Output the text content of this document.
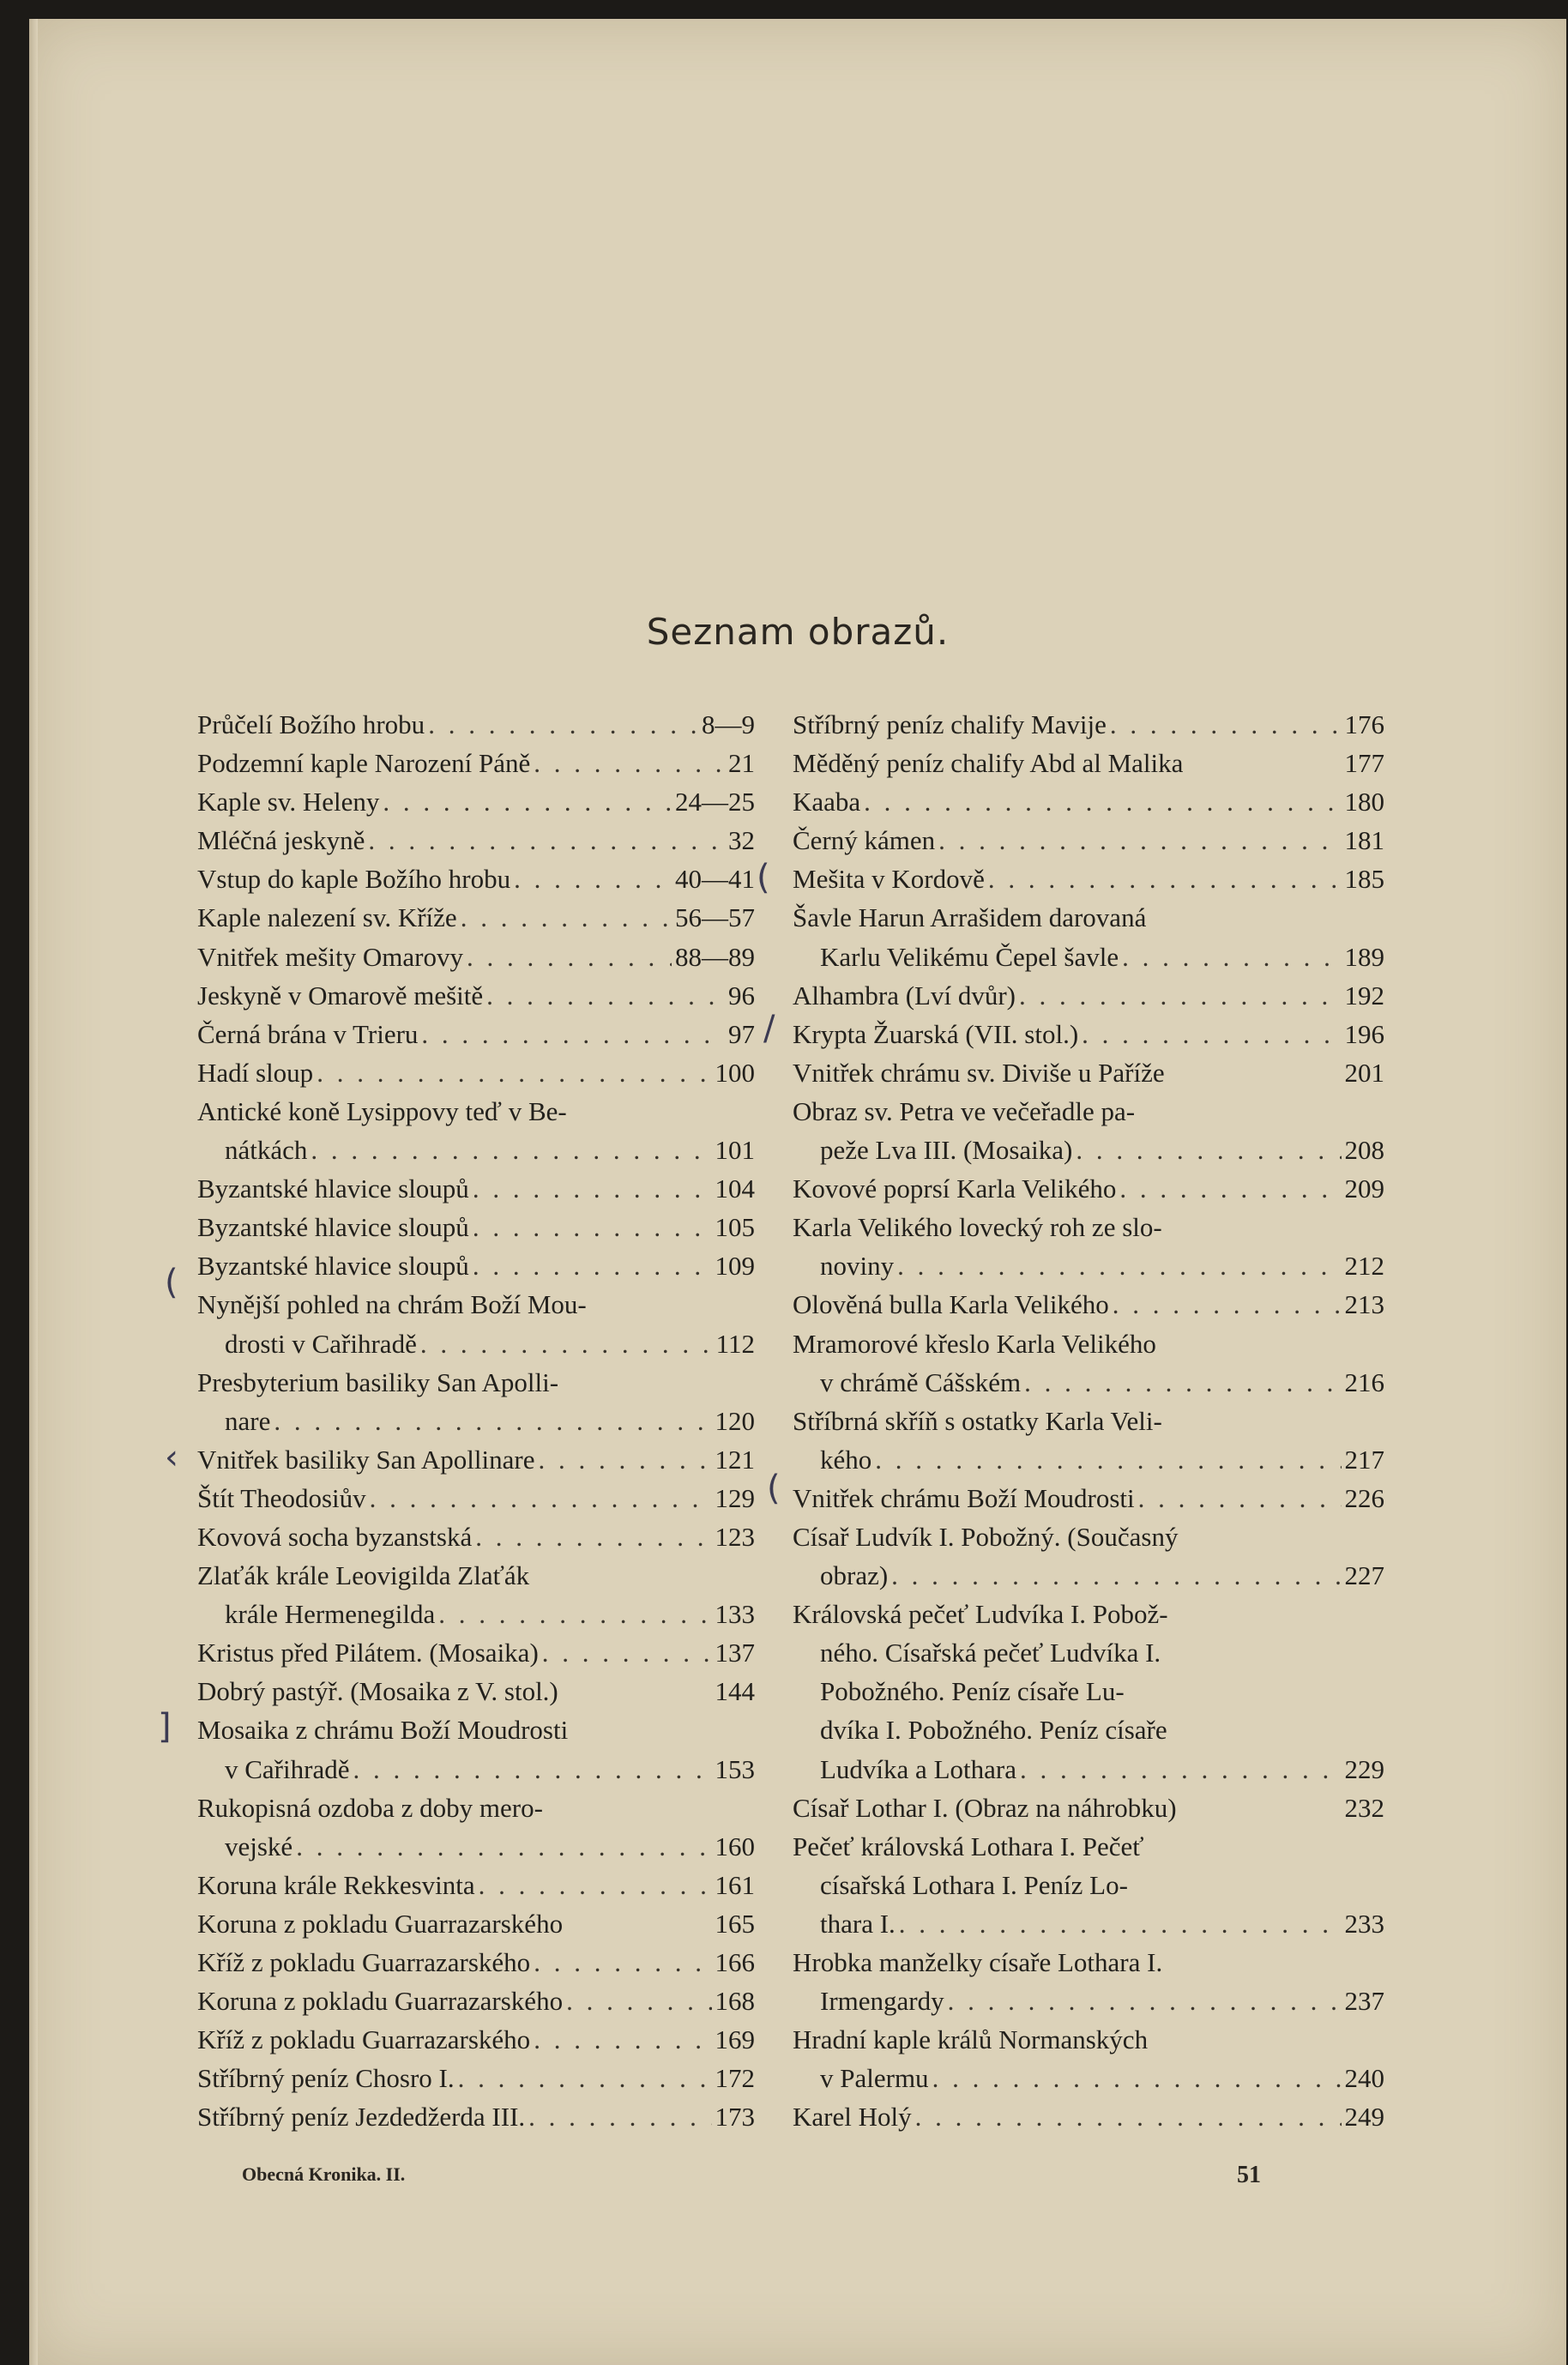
Seznam obrazů.
Průčelí Božího hrobu . . .	8—9
Podzemní kaple Narození Páně . . .	21
Kaple sv. Heleny . . .	24—25
Mléčná jeskyně . . .	32
Vstup do kaple Božího hrobu . . .	40—41
Kaple nalezení sv. Kříže . . .	56—57
Vnitřek mešity Omarovy . . .	88—89
Jeskyně v Omarově mešitě . . .	96
Černá brána v Trieru . . .	97
Hadí sloup . . .	100
Antické koně Lysippovy teď v Be-
nátkách . . .	101
Byzantské hlavice sloupů . . .	104
Byzantské hlavice sloupů . . .	105
Byzantské hlavice sloupů . . .	109
Nynější pohled na chrám Boží Mou-
drosti v Cařihradě . . .	112
Presbyterium basiliky San Apolli-
nare . . .	120
Vnitřek basiliky San Apollinare . . .	121
Štít Theodosiův . . .	129
Kovová socha byzanstská . . .	123
Zlaťák krále Leovigilda Zlaťák
krále Hermenegilda . . .	133
Kristus před Pilátem. (Mosaika) . . .	137
Dobrý pastýř. (Mosaika z V. stol.)	144
Mosaika z chrámu Boží Moudrosti
v Cařihradě . . .	153
Rukopisná ozdoba z doby mero-
vejské . . .	160
Koruna krále Rekkesvinta . . .	161
Koruna z pokladu Guarrazarského	165
Kříž z pokladu Guarrazarského . . .	166
Koruna z pokladu Guarrazarského . . .	168
Kříž z pokladu Guarrazarského . . .	169
Stříbrný peníz Chosro I. . . .	172
Stříbrný peníz Jezdedžerda III. . . .	173
Stříbrný peníz chalify Mavije . . .	176
Měděný peníz chalify Abd al Malika	177
Kaaba . . .	180
Černý kámen . . .	181
Mešita v Kordově . . .	185
Šavle Harun Arrašidem darovaná
Karlu Velikému Čepel šavle . . .	189
Alhambra (Lví dvůr) . . .	192
Krypta Žuarská (VII. stol.) . . .	196
Vnitřek chrámu sv. Diviše u Paříže	201
Obraz sv. Petra ve večeřadle pa-
peže Lva III. (Mosaika) . . .	208
Kovové poprsí Karla Velikého . . .	209
Karla Velikého lovecký roh ze slo-
noviny . . .	212
Olověná bulla Karla Velikého . . .	213
Mramorové křeslo Karla Velikého
v chrámě Cášském . . .	216
Stříbrná skříň s ostatky Karla Veli-
kého . . .	217
Vnitřek chrámu Boží Moudrosti . . .	226
Císař Ludvík I. Pobožný. (Současný
obraz) . . .	227
Královská pečeť Ludvíka I. Pobož-
ného. Císařská pečeť Ludvíka I.
Pobožného. Peníz císaře Lu-
dvíka I. Pobožného. Peníz císaře
Ludvíka a Lothara . . .	229
Císař Lothar I. (Obraz na náhrobku)	232
Pečeť královská Lothara I. Pečeť
císařská Lothara I. Peníz Lo-
thara I. . . .	233
Hrobka manželky císaře Lothara I.
Irmengardy . . .	237
Hradní kaple králů Normanských
v Palermu . . .	240
Karel Holý . . .	249
Obecná Kronika. II.	51
(
/
(
‹
(
]
